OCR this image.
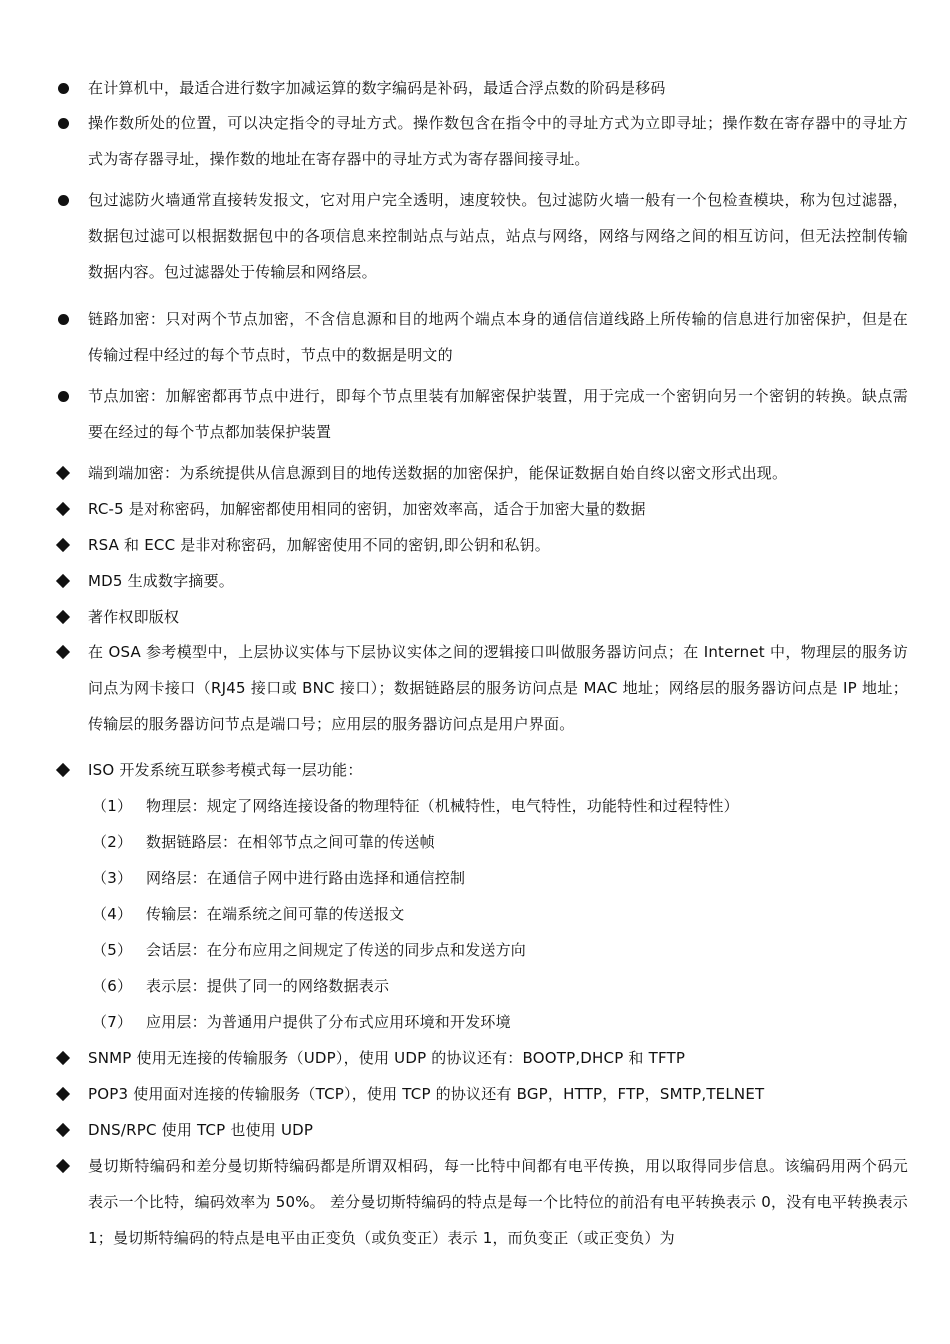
在计算机中，最适合进行数字加减运算的数字编码是补码，最适合浮点数的阶码是移码
操作数所处的位置，可以决定指令的寻址方式。操作数包含在指令中的寻址方式为立即寻址；操作数在寄存器中的寻址方式为寄存器寻址，操作数的地址在寄存器中的寻址方式为寄存器间接寻址。
包过滤防火墙通常直接转发报文，它对用户完全透明，速度较快。包过滤防火墙一般有一个包检查模块，称为包过滤器，数据包过滤可以根据数据包中的各项信息来控制站点与站点，站点与网络，网络与网络之间的相互访问，但无法控制传输数据内容。包过滤器处于传输层和网络层。
链路加密：只对两个节点加密，不含信息源和目的地两个端点本身的通信信道线路上所传输的信息进行加密保护，但是在传输过程中经过的每个节点时，节点中的数据是明文的
节点加密：加解密都再节点中进行，即每个节点里装有加解密保护装置，用于完成一个密钥向另一个密钥的转换。缺点需要在经过的每个节点都加装保护装置
端到端加密：为系统提供从信息源到目的地传送数据的加密保护，能保证数据自始自终以密文形式出现。
RC-5 是对称密码，加解密都使用相同的密钥，加密效率高，适合于加密大量的数据
RSA 和 ECC 是非对称密码，加解密使用不同的密钥,即公钥和私钥。
MD5 生成数字摘要。
著作权即版权
在 OSA 参考模型中，上层协议实体与下层协议实体之间的逻辑接口叫做服务器访问点；在 Internet 中，物理层的服务访问点为网卡接口（RJ45 接口或 BNC 接口）；数据链路层的服务访问点是 MAC 地址；网络层的服务器访问点是 IP 地址；传输层的服务器访问节点是端口号；应用层的服务器访问点是用户界面。
ISO 开发系统互联参考模式每一层功能：
（1） 物理层：规定了网络连接设备的物理特征（机械特性，电气特性，功能特性和过程特性）
（2） 数据链路层：在相邻节点之间可靠的传送帧
（3） 网络层：在通信子网中进行路由选择和通信控制
（4） 传输层：在端系统之间可靠的传送报文
（5） 会话层：在分布应用之间规定了传送的同步点和发送方向
（6） 表示层：提供了同一的网络数据表示
（7） 应用层：为普通用户提供了分布式应用环境和开发环境
SNMP 使用无连接的传输服务（UDP），使用 UDP 的协议还有：BOOTP,DHCP 和 TFTP
POP3 使用面对连接的传输服务（TCP），使用 TCP 的协议还有 BGP，HTTP，FTP，SMTP,TELNET
DNS/RPC 使用 TCP 也使用 UDP
曼切斯特编码和差分曼切斯特编码都是所谓双相码，每一比特中间都有电平传换，用以取得同步信息。该编码用两个码元表示一个比特，编码效率为 50%。 差分曼切斯特编码的特点是每一个比特位的前沿有电平转换表示 0，没有电平转换表示 1；曼切斯特编码的特点是电平由正变负（或负变正）表示 1，而负变正（或正变负）为
